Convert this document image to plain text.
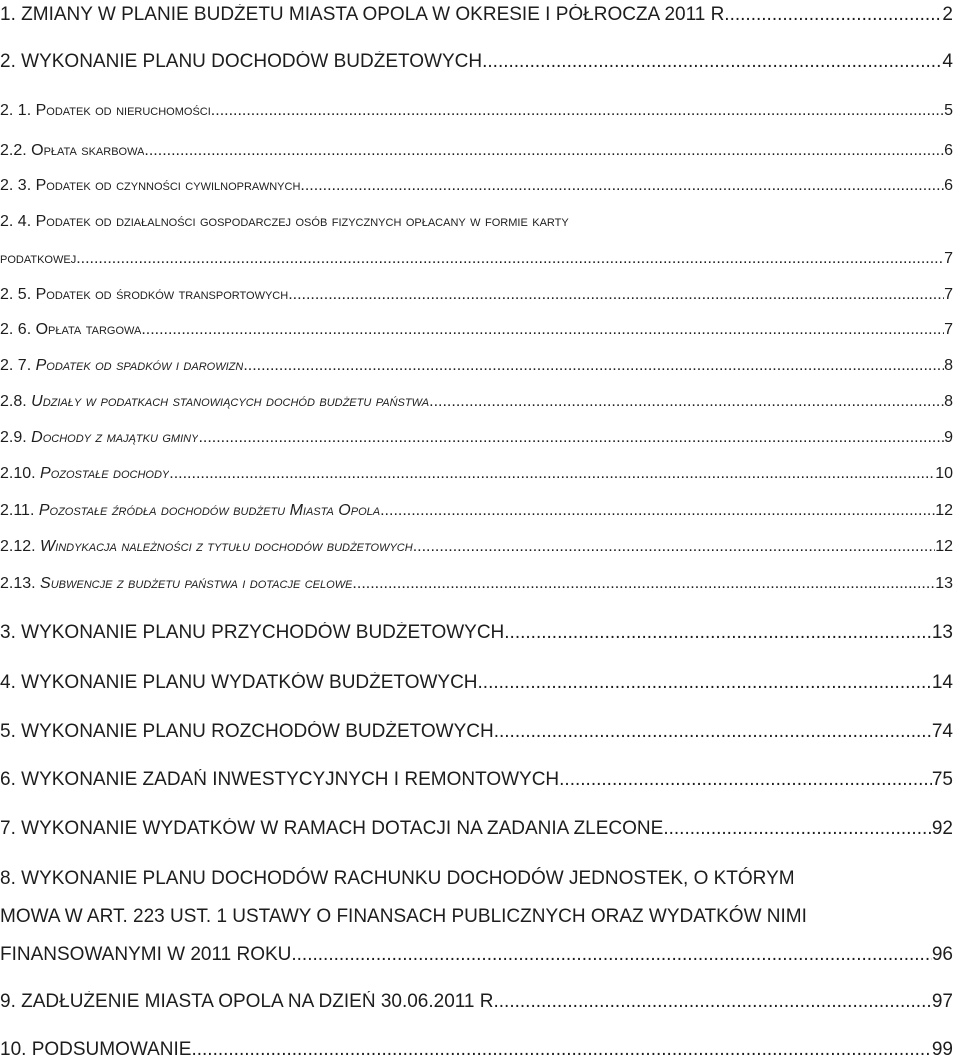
1. ZMIANY W PLANIE BUDŻETU MIASTA OPOLA W OKRESIE I PÓŁROCZA 2011 R. .....	2
2. WYKONANIE PLANU DOCHODÓW BUDŻETOWYCH .....	4
2. 1. Podatek od nieruchomości .....	5
2.2. Opłata skarbowa .....	6
2. 3. Podatek od czynności cywilnoprawnych .....	6
2. 4. Podatek od działalności gospodarczej osób fizycznych opłacany w formie karty
podatkowej .....	7
2. 5. Podatek od środków transportowych .....	7
2. 6. Opłata targowa .....	7
2. 7. Podatek od spadków i darowizn .....	8
2.8. Udziały w podatkach stanowiących dochód budżetu państwa .....	8
2.9. Dochody z majątku gminy .....	9
2.10. Pozostałe dochody .....	10
2.11. Pozostałe źródła dochodów budżetu Miasta Opola .....	12
2.12. Windykacja należności z tytułu dochodów budżetowych .....	12
2.13. Subwencje z budżetu państwa i dotacje celowe .....	13
3. WYKONANIE PLANU PRZYCHODÓW BUDŻETOWYCH .....	13
4. WYKONANIE PLANU WYDATKÓW BUDŻETOWYCH .....	14
5. WYKONANIE PLANU ROZCHODÓW BUDŻETOWYCH .....	74
6. WYKONANIE ZADAŃ INWESTYCYJNYCH I REMONTOWYCH .....	75
7. WYKONANIE WYDATKÓW W RAMACH DOTACJI NA ZADANIA ZLECONE .....	92
8. WYKONANIE PLANU DOCHODÓW RACHUNKU DOCHODÓW JEDNOSTEK, O KTÓRYM
MOWA W ART. 223 UST. 1 USTAWY O FINANSACH PUBLICZNYCH ORAZ WYDATKÓW NIMI
FINANSOWANYMI W 2011 ROKU .....	96
9. ZADŁUŻENIE MIASTA OPOLA NA DZIEŃ 30.06.2011 R. .....	97
10. PODSUMOWANIE .....	99
